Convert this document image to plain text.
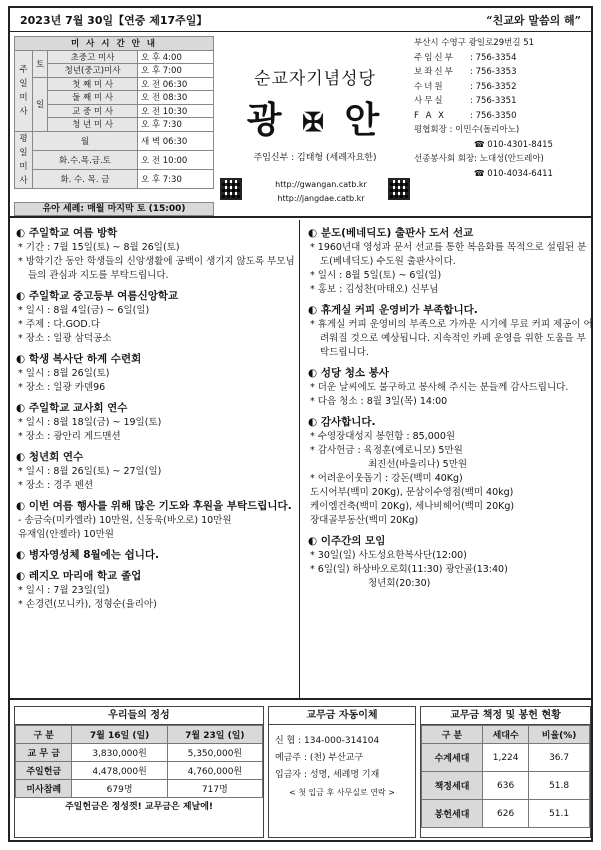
2023년 7월 30일【연중 제17주일】	“친교와 말씀의 해”
미 사 시 간 안 내			
주일미사	토	초중고 미사	오 후 4:00
		청년(중고)미사	오 후 7:00
	일	첫 째 미 사	오 전 06:30
		둘 째 미 사	오 전 08:30
		교 중 미 사	오 전 10:30
		청 년 미 사	오 후 7:30
평일미사	월		새 벽 06:30
	화.수.목.금.토		오 전 10:00
	화. 수. 목. 금		오 후 7:30
유아 세례: 매월 마지막 토 (15:00)
순교자기념성당
광 ✠ 안
주임신부 : 김태형 (세례자요한)
http://gwangan.catb.kr
http://jangdae.catb.kr
부산시 수영구 광일로29번길 51
주임신부 : 756-3354
보좌신부 : 756-3353
수녀원	: 756-3352
사무실	: 756-3351
F A X	: 756-3350
평협회장 : 이민수(돌리아노)
☎ 010-4301-8415
선종봉사회 회장: 노대성(안드레아)
☎ 010-4034-6411
◐ 주일학교 여름 방학
* 기간 : 7월 15일(토) ~ 8월 26일(토)
* 방학기간 동안 학생들의 신앙생활에 공백이 생기지 않도록 부모님들의 관심과 지도를 부탁드립니다.
◐ 주일학교 중고등부 여름신앙학교
* 일시 : 8월 4일(금) ~ 6일(일)
* 주제 : 다.GOD.다
* 장소 : 일광 삼덕공소
◐ 학생 복사단 하계 수련회
* 일시 : 8월 26일(토)
* 장소 : 일광 카덴96
◐ 주일학교 교사회 연수
* 일시 : 8월 18일(금) ~ 19일(토)
* 장소 : 광안리 게드맨션
◐ 청년회 연수
* 일시 : 8월 26일(토) ~ 27일(일)
* 장소 : 경주 펜션
◐ 이번 여름 행사를 위해 많은 기도와 후원을 부탁드립니다.
- 송금숙(미카엘라) 10만원, 신동욱(바오로) 10만원
유재임(안젤라) 10만원
◐ 병자영성체 8월에는 쉽니다.
◐ 레지오 마리애 학교 졸업
* 일시 : 7월 23일(일)
* 손경련(모니카), 정형순(율리아)
◐ 분도(베네딕도) 출판사 도서 선교
* 1960년대 영성과 문서 선교를 통한 복음화를 목적으로 설립된 분도(베네딕도) 수도원 출판사이다.
* 일시 : 8월 5일(토) ~ 6일(일)
* 홍보 : 김성찬(마태오) 신부님
◐ 휴게실 커피 운영비가 부족합니다.
* 휴게실 커피 운영비의 부족으로 가까운 시기에 무료 커피 제공이 어려워질 것으로 예상됩니다. 지속적인 카페 운영을 위한 도움을 부탁드립니다.
◐ 성당 청소 봉사
* 더운 날씨에도 불구하고 봉사해 주시는 분들께 감사드립니다.
* 다음 청소 : 8월 3일(목) 14:00
◐ 감사합니다.
* 수영장대성지 봉헌함 : 85,000원
* 감사헌금 : 육정훈(예로니모) 5만원
최진선(바울리나) 5만원
* 어려운이웃돕기 : 강돈(백미 40Kg)
도시어부(백미 20Kg), 문삼이수영점(백미 40kg)
케이엠건축(백미 20Kg), 세나비헤어(백미 20Kg)
장대골부동산(백미 20Kg)
◐ 이주간의 모임
* 30일(일) 사도성요한복사단(12:00)
* 6일(일) 하상바오로회(11:30) 광안골(13:40)
청년회(20:30)
우리들의 정성
구 분	7월 16일 (일)	7월 23일 (일)
교 무 금	3,830,000원	5,350,000원
주일헌금	4,478,000원	4,760,000원
미사참례	679명	717명
주일헌금은 정성껏! 교무금은 제날에!
교무금 자동이체
신 협 : 134-000-314104
예금주 : (천) 부산교구
입금자 : 성명, 세례명 기재
< 첫 입금 후 사무실로 연락 >
교무금 책정 및 봉헌 현황
구 분	세대수	비율(%)
수계세대	1,224	36.7
책정세대	636	51.8
봉헌세대	626	51.1
